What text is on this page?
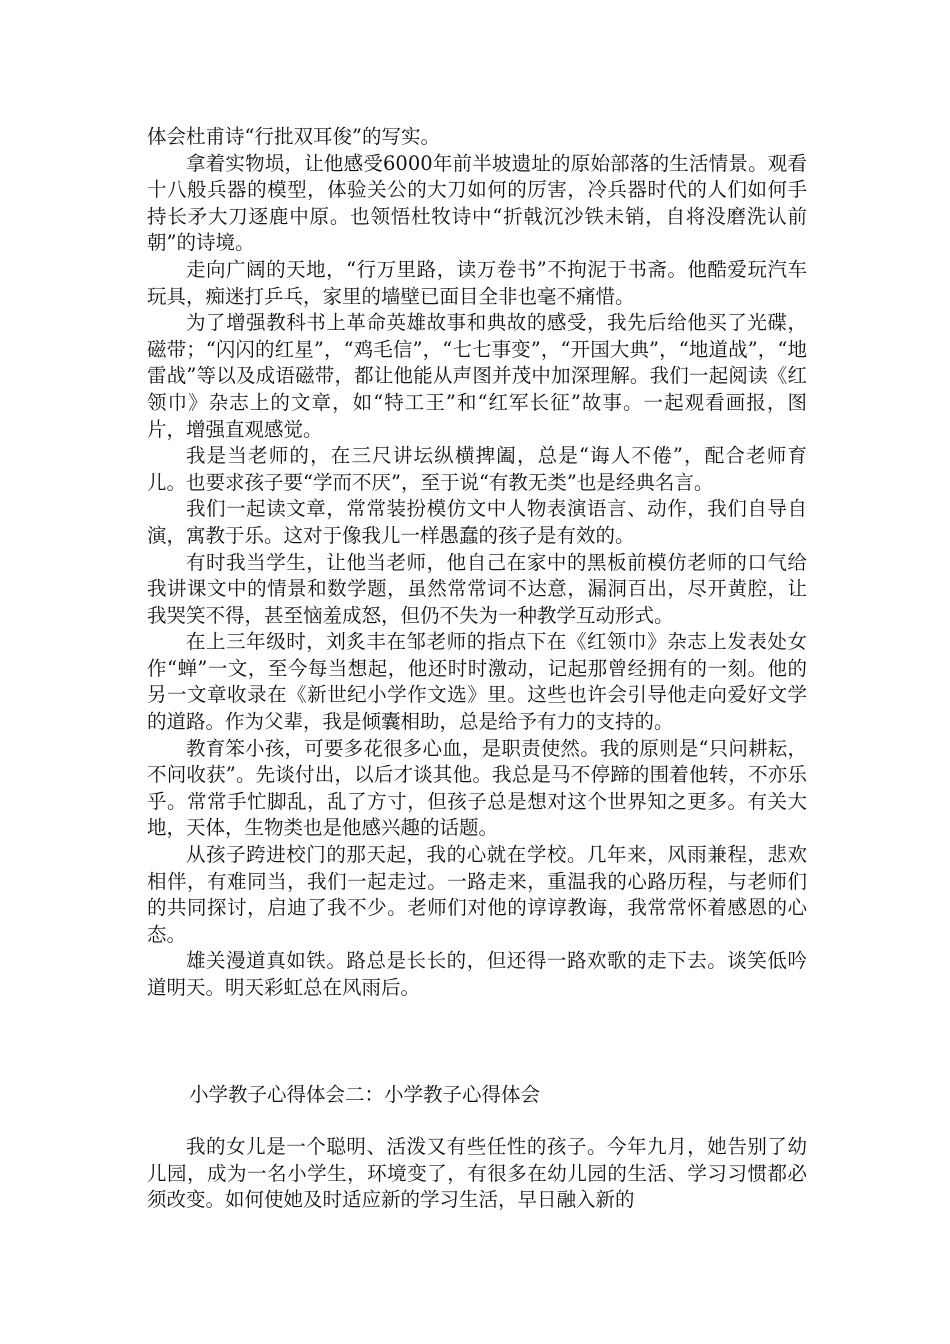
体会杜甫诗“行批双耳俊”的写实。

拿着实物埙，让他感受6000年前半坡遗址的原始部落的生活情景。观看十八般兵器的模型，体验关公的大刀如何的厉害，冷兵器时代的人们如何手持长矛大刀逐鹿中原。也领悟杜牧诗中“折戟沉沙铁未销，自将没磨洗认前朝”的诗境。

走向广阔的天地，“行万里路，读万卷书”不拘泥于书斋。他酷爱玩汽车玩具，痴迷打乒乓，家里的墙壁已面目全非也毫不痛惜。

为了增强教科书上革命英雄故事和典故的感受，我先后给他买了光碟，磁带；“闪闪的红星”，“鸡毛信”，“七七事变”，“开国大典”，“地道战”，“地雷战”等以及成语磁带，都让他能从声图并茂中加深理解。我们一起阅读《红领巾》杂志上的文章，如“特工王”和“红军长征”故事。一起观看画报，图片，增强直观感觉。

我是当老师的，在三尺讲坛纵横捭阖，总是“诲人不倦”，配合老师育儿。也要求孩子要“学而不厌”，至于说“有教无类”也是经典名言。

我们一起读文章，常常装扮模仿文中人物表演语言、动作，我们自导自演，寓教于乐。这对于像我儿一样愚蠢的孩子是有效的。

有时我当学生，让他当老师，他自己在家中的黑板前模仿老师的口气给我讲课文中的情景和数学题，虽然常常词不达意，漏洞百出，尽开黄腔，让我哭笑不得，甚至恼羞成怒，但仍不失为一种教学互动形式。

在上三年级时，刘炙丰在邹老师的指点下在《红领巾》杂志上发表处女作“蝉”一文，至今每当想起，他还时时激动，记起那曾经拥有的一刻。他的另一文章收录在《新世纪小学作文选》里。这些也许会引导他走向爱好文学的道路。作为父辈，我是倾囊相助，总是给予有力的支持的。

教育笨小孩，可要多花很多心血，是职责使然。我的原则是“只问耕耘，不问收获”。先谈付出，以后才谈其他。我总是马不停蹄的围着他转，不亦乐乎。常常手忙脚乱，乱了方寸，但孩子总是想对这个世界知之更多。有关大地，天体，生物类也是他感兴趣的话题。

从孩子跨进校门的那天起，我的心就在学校。几年来，风雨兼程，悲欢相伴，有难同当，我们一起走过。一路走来，重温我的心路历程，与老师们的共同探讨，启迪了我不少。老师们对他的谆谆教诲，我常常怀着感恩的心态。

雄关漫道真如铁。路总是长长的，但还得一路欢歌的走下去。谈笑低吟道明天。明天彩虹总在风雨后。

小学教子心得体会二：小学教子心得体会

我的女儿是一个聪明、活泼又有些任性的孩子。今年九月，她告别了幼儿园，成为一名小学生，环境变了，有很多在幼儿园的生活、学习习惯都必须改变。如何使她及时适应新的学习生活，早日融入新的
